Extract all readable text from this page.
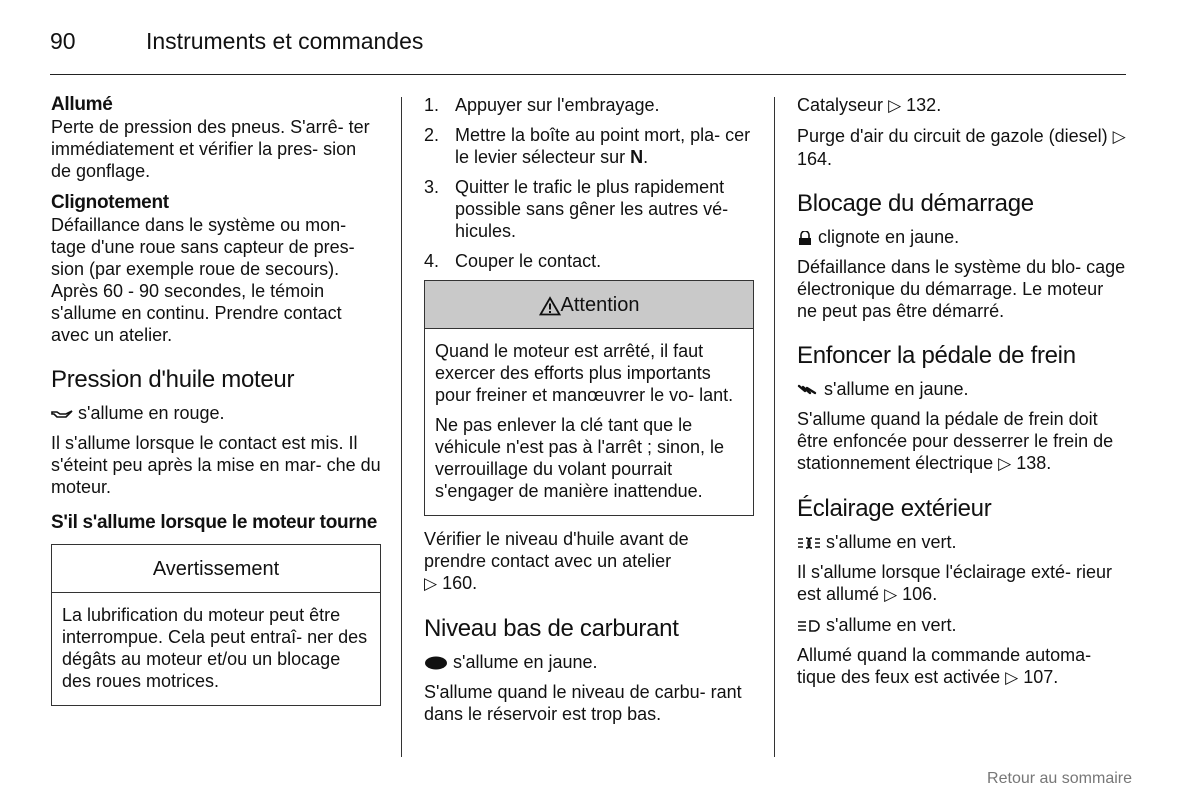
90	Instruments et commandes
Allumé

Perte de pression des pneus. S'arrê- ter immédiatement et vérifier la pres- sion de gonflage.

Clignotement

Défaillance dans le système ou mon- tage d'une roue sans capteur de pres- sion (par exemple roue de secours). Après 60 - 90 secondes, le témoin s'allume en continu. Prendre contact avec un atelier.

Pression d'huile moteur

s'allume en rouge.

Il s'allume lorsque le contact est mis. Il s'éteint peu après la mise en mar- che du moteur.

S'il s'allume lorsque le moteur tourne
Avertissement

La lubrification du moteur peut être interrompue. Cela peut entraî- ner des dégâts au moteur et/ou un blocage des roues motrices.

1. Appuyer sur l'embrayage.
2. Mettre la boîte au point mort, pla- cer le levier sélecteur sur N.
3. Quitter le trafic le plus rapidement possible sans gêner les autres vé- hicules.
4. Couper le contact.
Attention

Quand le moteur est arrêté, il faut exercer des efforts plus importants pour freiner et manœuvrer le vo- lant.

Ne pas enlever la clé tant que le véhicule n'est pas à l'arrêt ; sinon, le verrouillage du volant pourrait s'engager de manière inattendue.

Vérifier le niveau d'huile avant de prendre contact avec un atelier
▷ 160.

Niveau bas de carburant

s'allume en jaune.

S'allume quand le niveau de carbu- rant dans le réservoir est trop bas.

Catalyseur ▷ 132.

Purge d'air du circuit de gazole (diesel) ▷ 164.

Blocage du démarrage

clignote en jaune.

Défaillance dans le système du blo- cage électronique du démarrage. Le moteur ne peut pas être démarré.

Enfoncer la pédale de frein

s'allume en jaune.

S'allume quand la pédale de frein doit être enfoncée pour desserrer le frein de stationnement électrique ▷ 138.

Éclairage extérieur

s'allume en vert.

Il s'allume lorsque l'éclairage exté- rieur est allumé ▷ 106.

s'allume en vert.

Allumé quand la commande automa- tique des feux est activée ▷ 107.

Retour au sommaire
